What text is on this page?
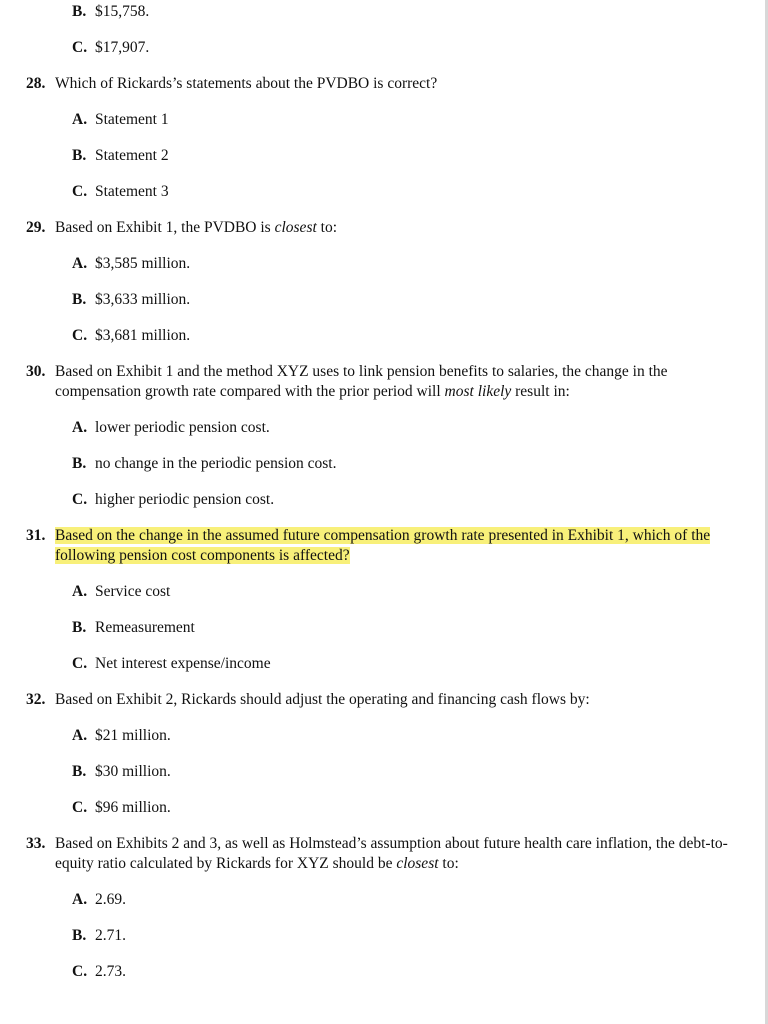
B. $15,758.
C. $17,907.
28. Which of Rickards’s statements about the PVDBO is correct?
A. Statement 1
B. Statement 2
C. Statement 3
29. Based on Exhibit 1, the PVDBO is closest to:
A. $3,585 million.
B. $3,633 million.
C. $3,681 million.
30. Based on Exhibit 1 and the method XYZ uses to link pension benefits to salaries, the change in the
compensation growth rate compared with the prior period will most likely result in:
A. lower periodic pension cost.
B. no change in the periodic pension cost.
C. higher periodic pension cost.
31. Based on the change in the assumed future compensation growth rate presented in Exhibit 1, which of the
following pension cost components is affected?
A. Service cost
B. Remeasurement
C. Net interest expense/income
32. Based on Exhibit 2, Rickards should adjust the operating and financing cash flows by:
A. $21 million.
B. $30 million.
C. $96 million.
33. Based on Exhibits 2 and 3, as well as Holmstead’s assumption about future health care inflation, the debt-to-
equity ratio calculated by Rickards for XYZ should be closest to:
A. 2.69.
B. 2.71.
C. 2.73.
